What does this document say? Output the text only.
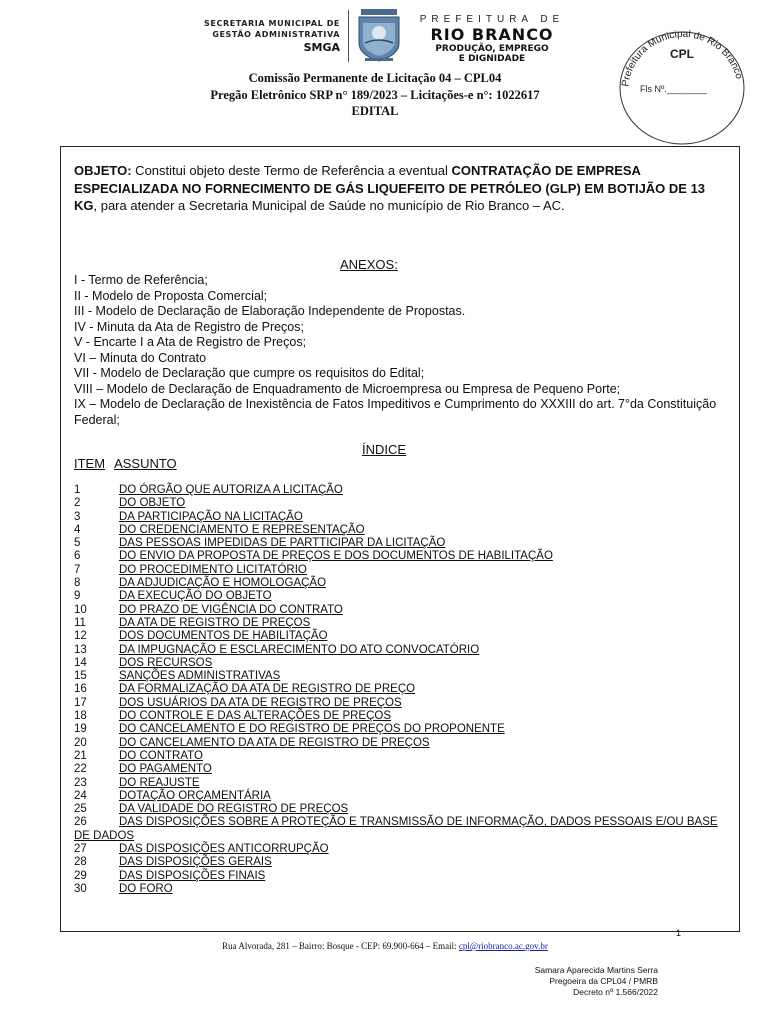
SECRETARIA MUNICIPAL DE
GESTÃO ADMINISTRATIVA
SMGA
PREFEITURA DE
RIO BRANCO
PRODUÇÃO, EMPREGO
E DIGNIDADE
Prefeitura Municipal de Rio Branco
CPL
Fls Nº.________
Comissão Permanente de Licitação 04 – CPL04
Pregão Eletrônico SRP n° 189/2023 – Licitações-e n°: 1022617
EDITAL
OBJETO: Constitui objeto deste Termo de Referência a eventual CONTRATAÇÃO DE EMPRESA ESPECIALIZADA NO FORNECIMENTO DE GÁS LIQUEFEITO DE PETRÓLEO (GLP) EM BOTIJÃO DE 13 KG, para atender a Secretaria Municipal de Saúde no município de Rio Branco – AC.
ANEXOS:
I - Termo de Referência;
II - Modelo de Proposta Comercial;
III - Modelo de Declaração de Elaboração Independente de Propostas.
IV - Minuta da Ata de Registro de Preços;
V - Encarte I a Ata de Registro de Preços;
VI – Minuta do Contrato
VII - Modelo de Declaração que cumpre os requisitos do Edital;
VIII – Modelo de Declaração de Enquadramento de Microempresa ou Empresa de Pequeno Porte;
IX – Modelo de Declaração de Inexistência de Fatos Impeditivos e Cumprimento do XXXIII do art. 7°da Constituição Federal;
ÍNDICE
ITEM ASSUNTO
1	DO ÓRGÃO QUE AUTORIZA A LICITAÇÃO
2	DO OBJETO
3	DA PARTICIPAÇÃO NA LICITAÇÃO
4	DO CREDENCIAMENTO E REPRESENTAÇÃO
5	DAS PESSOAS IMPEDIDAS DE PARTTICIPAR DA LICITAÇÃO
6	DO ENVIO DA PROPOSTA DE PREÇOS E DOS DOCUMENTOS DE HABILITAÇÃO
7	DO PROCEDIMENTO LICITATÓRIO
8	DA ADJUDICAÇÃO E HOMOLOGAÇÃO
9	DA EXECUÇÃO DO OBJETO
10	DO PRAZO DE VIGÊNCIA DO CONTRATO
11	DA ATA DE REGISTRO DE PREÇOS
12	DOS DOCUMENTOS DE HABILITAÇÃO
13	DA IMPUGNAÇÃO E ESCLARECIMENTO DO ATO CONVOCATÓRIO
14	DOS RECURSOS
15	SANÇÕES ADMINISTRATIVAS
16	DA FORMALIZAÇÃO DA ATA DE REGISTRO DE PREÇO
17	DOS USUÁRIOS DA ATA DE REGISTRO DE PREÇOS
18	DO CONTROLE E DAS ALTERAÇÕES DE PREÇOS
19	DO CANCELAMENTO E DO REGISTRO DE PREÇOS DO PROPONENTE
20	DO CANCELAMENTO DA ATA DE REGISTRO DE PREÇOS
21	DO CONTRATO
22	DO PAGAMENTO
23	DO REAJUSTE
24	DOTAÇÃO ORÇAMENTÁRIA
25	DA VALIDADE DO REGISTRO DE PREÇOS
26	DAS DISPOSIÇÕES SOBRE A PROTEÇÃO E TRANSMISSÃO DE INFORMAÇÃO, DADOS PESSOAIS E/OU BASE DE DADOS
27	DAS DISPOSIÇÕES ANTICORRUPÇÃO
28	DAS DISPOSIÇÕES GERAIS
29	DAS DISPOSIÇÕES FINAIS
30	DO FORO
1
Rua Alvorada, 281 – Bairro: Bosque - CEP: 69.900-664 – Email: cpl@riobranco.ac.gov.br
Samara Aparecida Martins Serra
Pregoeira da CPL04 / PMRB
Decreto nº 1.566/2022
